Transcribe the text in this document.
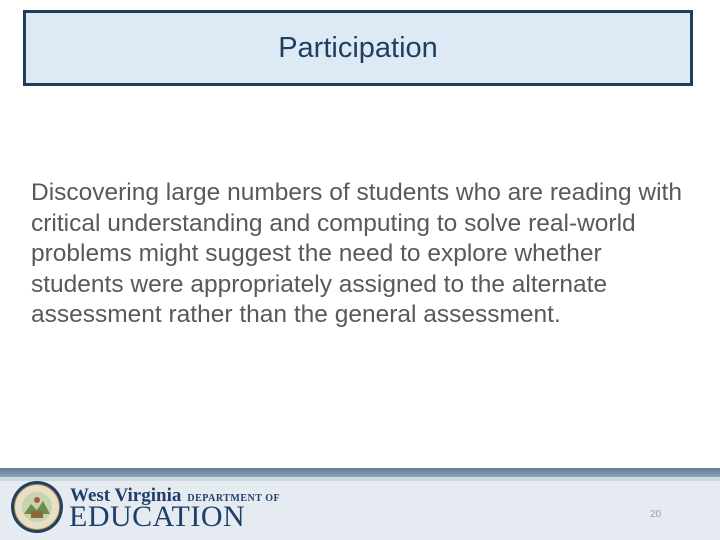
Participation

Discovering large numbers of students who are reading with critical understanding and computing to solve real-world problems might suggest the need to explore whether students were appropriately assigned to the alternate assessment rather than the general assessment.

West Virginia DEPARTMENT OF
EDUCATION	20
